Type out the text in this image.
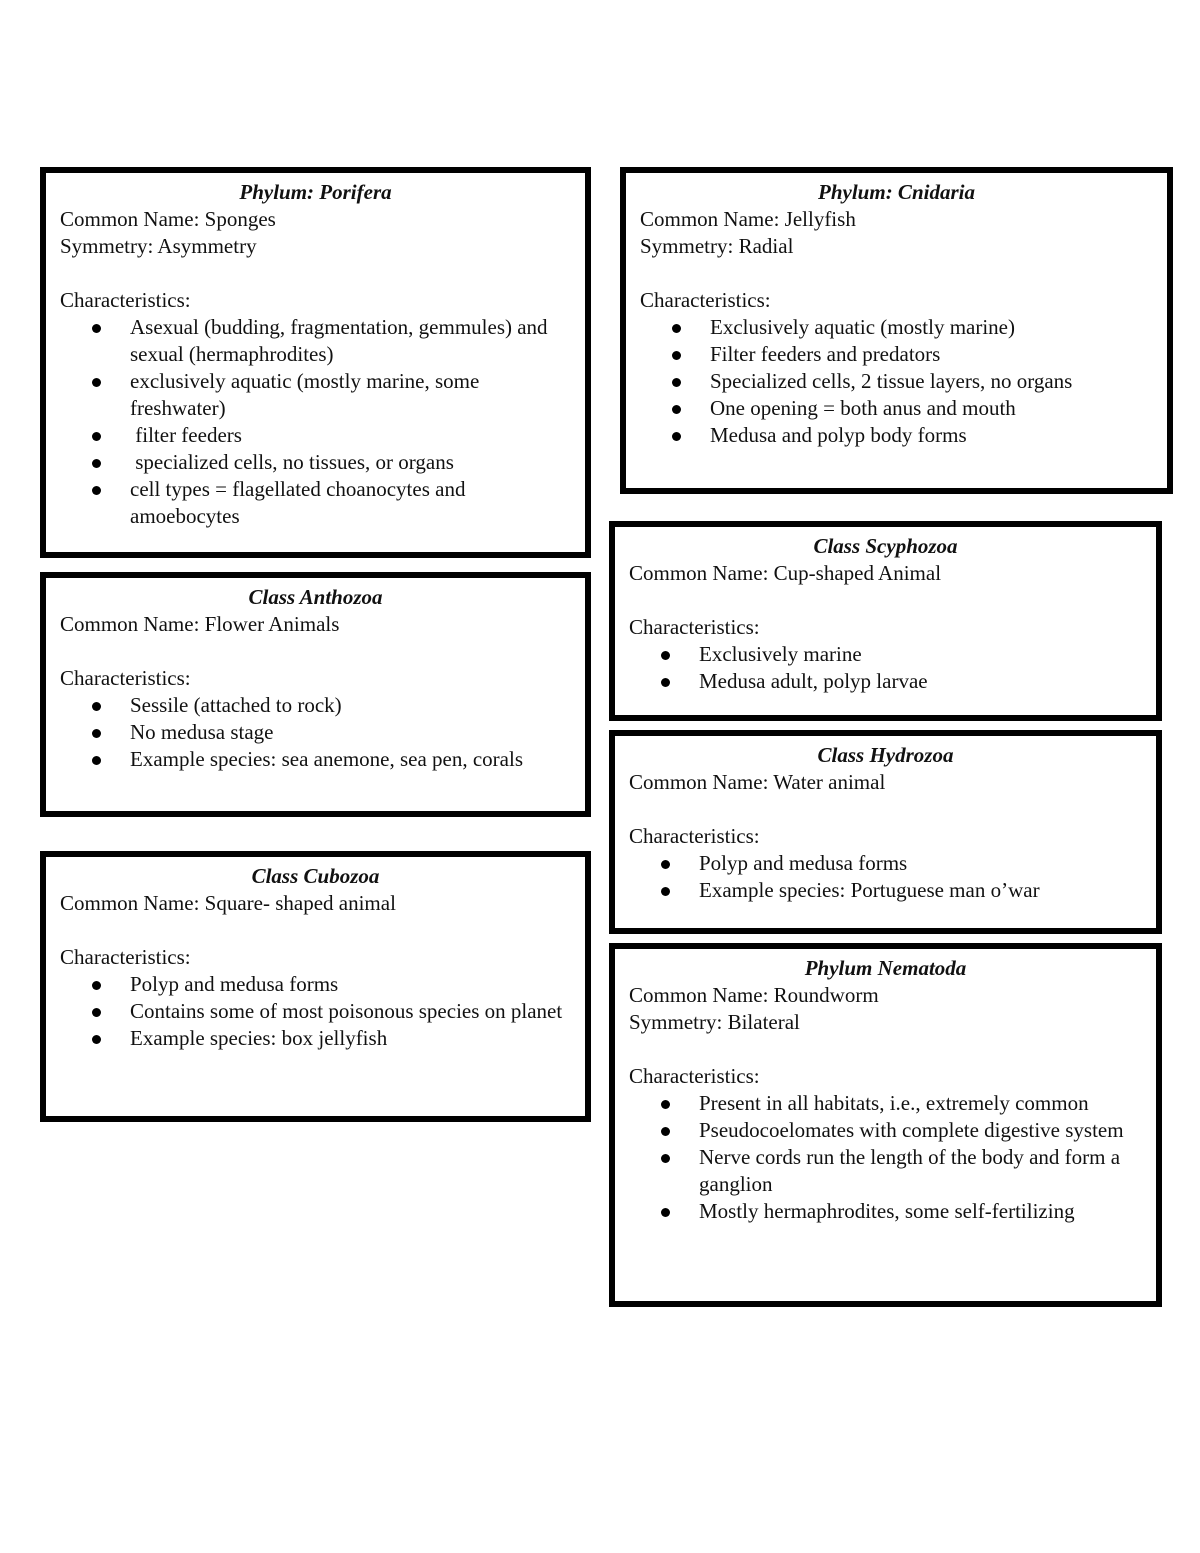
Phylum: Porifera
Common Name: Sponges
Symmetry: Asymmetry
Characteristics:
Asexual (budding, fragmentation, gemmules) and sexual (hermaphrodites)
exclusively aquatic (mostly marine, some freshwater)
filter feeders
specialized cells, no tissues, or organs
cell types = flagellated choanocytes and amoebocytes
Phylum: Cnidaria
Common Name: Jellyfish
Symmetry: Radial
Characteristics:
Exclusively aquatic (mostly marine)
Filter feeders and predators
Specialized cells, 2 tissue layers, no organs
One opening = both anus and mouth
Medusa and polyp body forms
Class Anthozoa
Common Name: Flower Animals
Characteristics:
Sessile (attached to rock)
No medusa stage
Example species: sea anemone, sea pen, corals
Class Scyphozoa
Common Name: Cup-shaped Animal
Characteristics:
Exclusively marine
Medusa adult, polyp larvae
Class Hydrozoa
Common Name: Water animal
Characteristics:
Polyp and medusa forms
Example species: Portuguese man o’war
Class Cubozoa
Common Name: Square- shaped animal
Characteristics:
Polyp and medusa forms
Contains some of most poisonous species on planet
Example species: box jellyfish
Phylum Nematoda
Common Name: Roundworm
Symmetry: Bilateral
Characteristics:
Present in all habitats, i.e., extremely common
Pseudocoelomates with complete digestive system
Nerve cords run the length of the body and form a ganglion
Mostly hermaphrodites, some self-fertilizing
